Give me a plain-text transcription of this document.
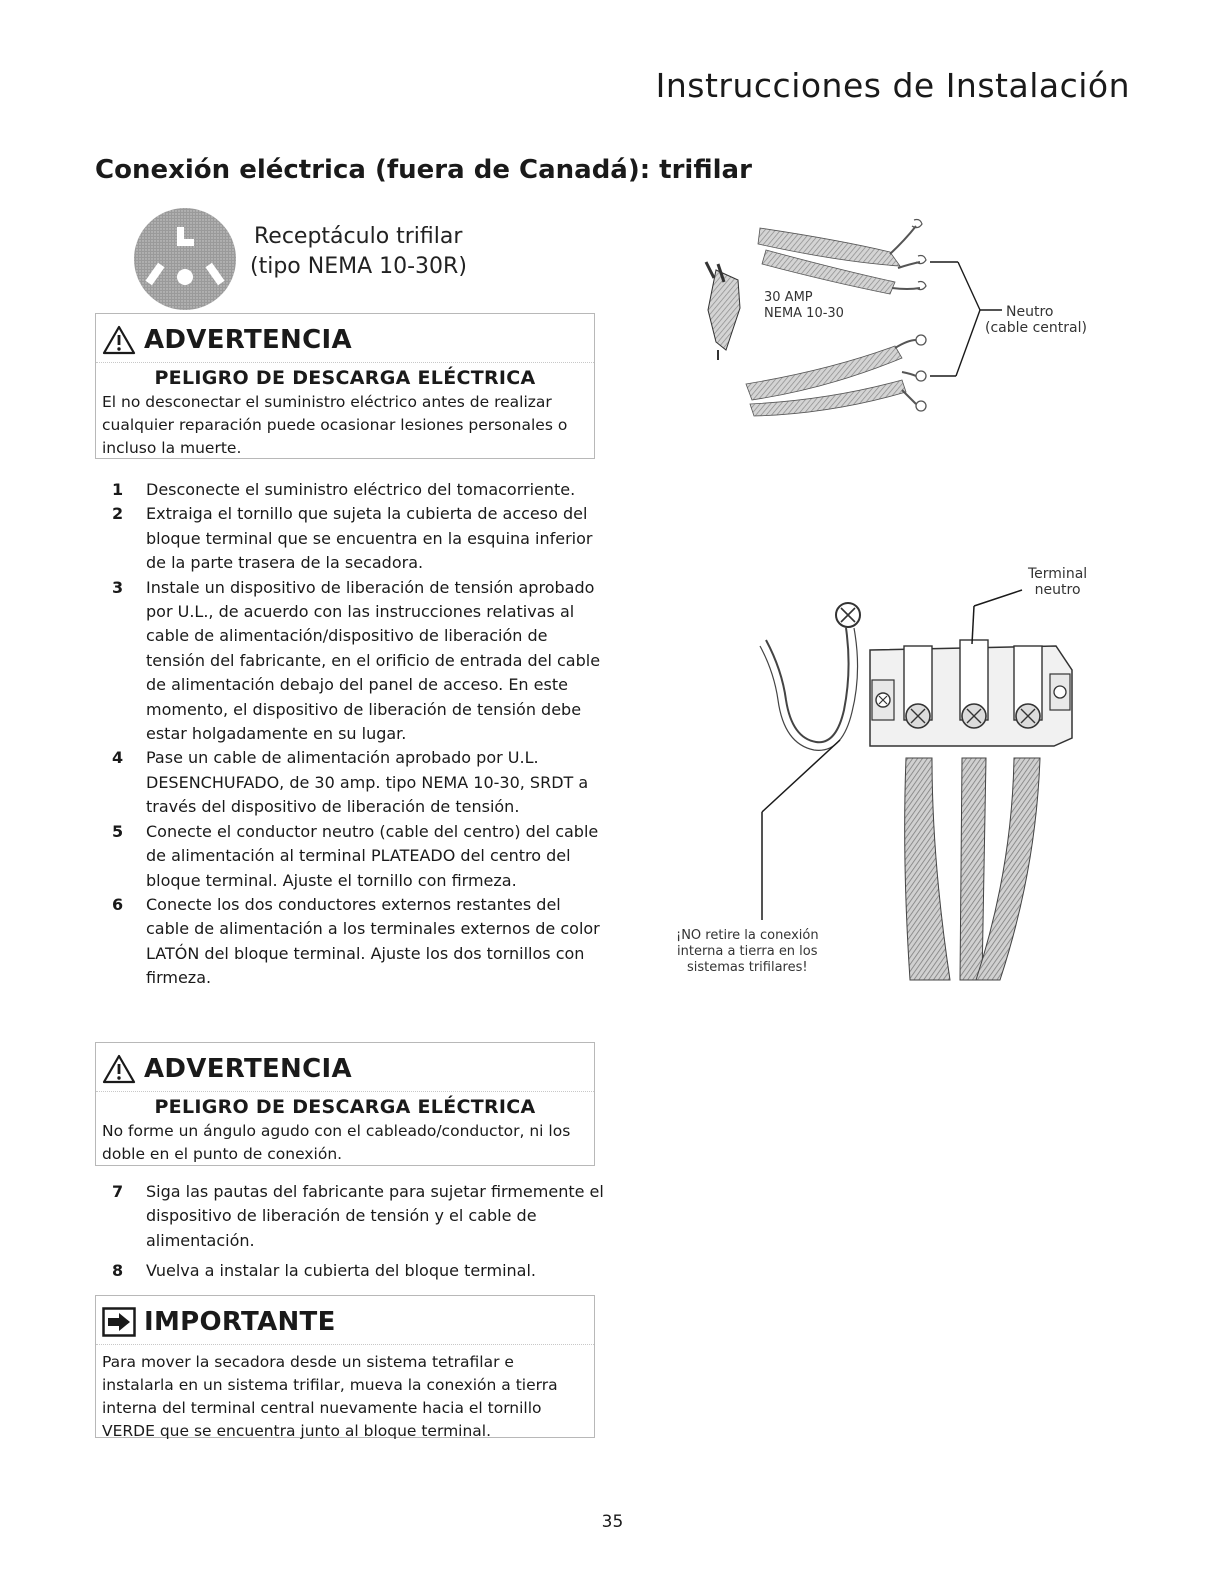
Instrucciones de Instalación
Conexión eléctrica (fuera de Canadá): trifilar
Receptáculo trifilar
(tipo NEMA 10-30R)
ADVERTENCIA
PELIGRO DE DESCARGA ELÉCTRICA
El no desconectar el suministro eléctrico antes de realizar cualquier reparación puede ocasionar lesiones personales o incluso la muerte.
1	Desconecte el suministro eléctrico del tomacorriente.
2	Extraiga el tornillo que sujeta la cubierta de acceso del bloque terminal que se encuentra en la esquina inferior de la parte trasera de la secadora.
3	Instale un dispositivo de liberación de tensión aprobado por U.L., de acuerdo con las instrucciones relativas al cable de alimentación/dispositivo de liberación de tensión del fabricante, en el orificio de entrada del cable de alimentación debajo del panel de acceso. En este momento, el dispositivo de liberación de tensión debe estar holgadamente en su lugar.
4	Pase un cable de alimentación aprobado por U.L. DESENCHUFADO, de 30 amp. tipo NEMA 10-30, SRDT a través del dispositivo de liberación de tensión.
5	Conecte el conductor neutro (cable del centro) del cable de alimentación al terminal PLATEADO del centro del bloque terminal. Ajuste el tornillo con firmeza.
6	Conecte los dos conductores externos restantes del cable de alimentación a los terminales externos de color LATÓN del bloque terminal. Ajuste los dos tornillos con firmeza.
ADVERTENCIA
PELIGRO DE DESCARGA ELÉCTRICA
No forme un ángulo agudo con el cableado/conductor, ni los doble en el punto de conexión.
7	Siga las pautas del fabricante para sujetar firmemente el dispositivo de liberación de tensión y el cable de alimentación.
8	Vuelva a instalar la cubierta del bloque terminal.
IMPORTANTE
Para mover la secadora desde un sistema tetrafilar e instalarla en un sistema trifilar, mueva la conexión a tierra interna del terminal central nuevamente hacia el tornillo VERDE que se encuentra junto al bloque terminal.
30 AMP
NEMA 10-30	Neutro
(cable central)
Terminal
neutro
¡NO retire la conexión
interna a tierra en los
sistemas trifilares!
35
